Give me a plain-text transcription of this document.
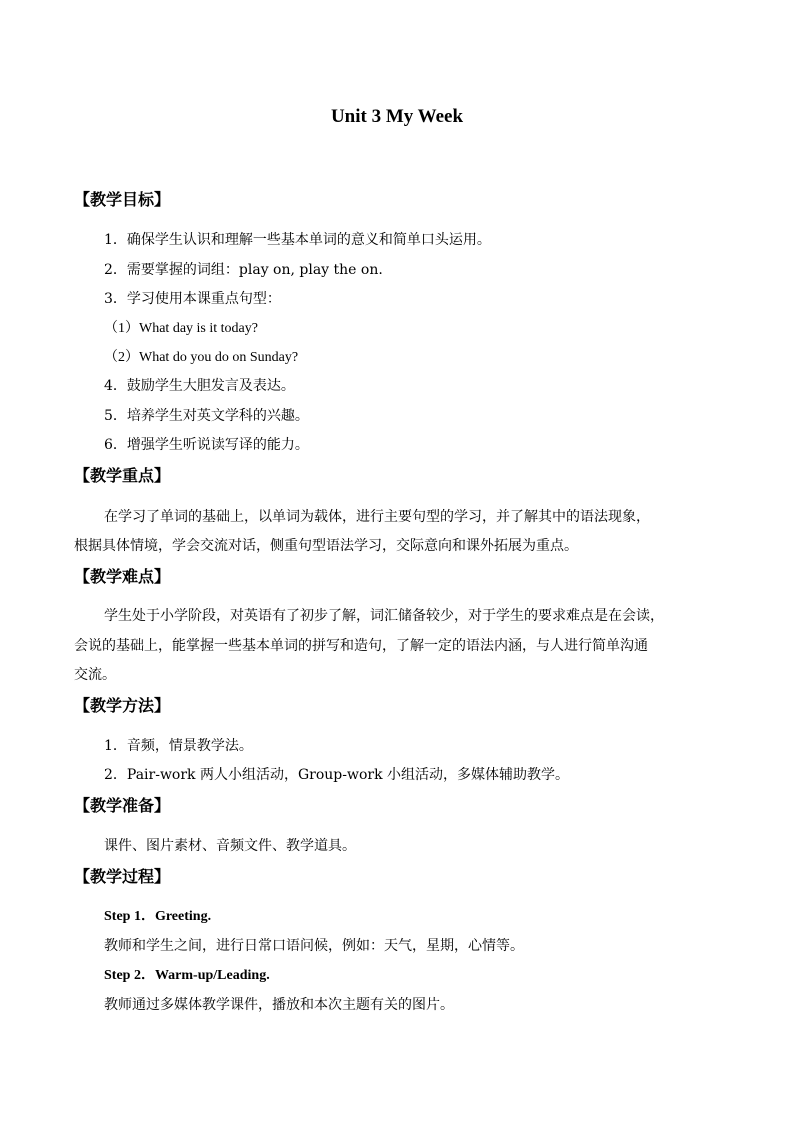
Unit 3 My Week
【教学目标】
1．确保学生认识和理解一些基本单词的意义和简单口头运用。
2．需要掌握的词组：play on, play the on.
3．学习使用本课重点句型：
（1）What day is it today?
（2）What do you do on Sunday?
4．鼓励学生大胆发言及表达。
5．培养学生对英文学科的兴趣。
6．增强学生听说读写译的能力。
【教学重点】
在学习了单词的基础上，以单词为载体，进行主要句型的学习，并了解其中的语法现象，
根据具体情境，学会交流对话，侧重句型语法学习，交际意向和课外拓展为重点。
【教学难点】
学生处于小学阶段，对英语有了初步了解，词汇储备较少，对于学生的要求难点是在会读，
会说的基础上，能掌握一些基本单词的拼写和造句，了解一定的语法内涵，与人进行简单沟通
交流。
【教学方法】
1．音频，情景教学法。
2．Pair-work 两人小组活动，Group-work 小组活动，多媒体辅助教学。
【教学准备】
课件、图片素材、音频文件、教学道具。
【教学过程】
Step 1．Greeting.
教师和学生之间，进行日常口语问候，例如：天气，星期，心情等。
Step 2．Warm-up/Leading.
教师通过多媒体教学课件，播放和本次主题有关的图片。
